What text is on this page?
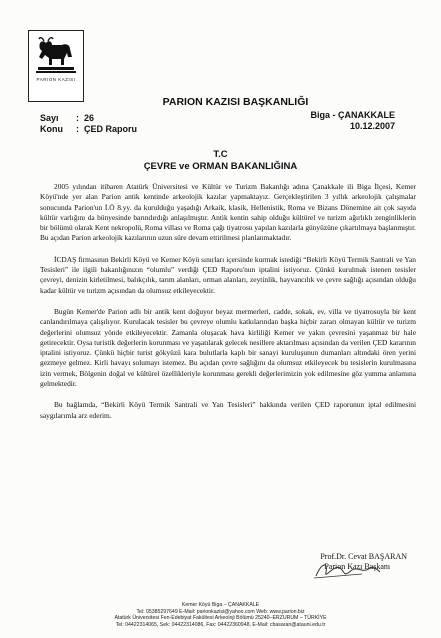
PARION KAZISI
PARION KAZISI BAŞKANLIĞI
Biga - ÇANAKKALE
10.12.2007
Sayı	: 26
Konu	: ÇED Raporu
T.C
ÇEVRE ve ORMAN BAKANLIĞINA

2005 yılından itibaren Atatürk Üniversitesi ve Kültür ve Turizm Bakanlığı adına Çanakkale ili Biga İlçesi, Kemer Köyü'nde yer alan Parion antik kentinde arkeolojik kazılar yapmaktayız. Gerçekleştirilen 3 yıllık arkeolojik çalışmalar sonucunda Parion'un İ.Ö 8.yy. da kurulduğu yaşadığı Arkaik, klasik, Hellenistik, Roma ve Bizans Dönemine ait çok sayıda kültür varlığını da bünyesinde barındırdığı anlaşılmıştır. Antik kentin sahip olduğu kültürel ve turizm ağırlıklı zenginliklerin bir bölümü olarak Kent nekropolü, Roma villası ve Roma çağı tiyatrosu yapılan kazılarla günyüzüne çıkartılmaya başlanmıştır. Bu açıdan Parion arkeolojik kazılarının uzun süre devam ettirilmesi planlanmaktadır.

İCDAŞ firmasının Bekirli Köyü ve Kemer Köyü sınırları içersinde kurmak istediği “Bekirli Köyü Termik Santrali ve Yan Tesisleri” ile ilgili bakanlığınızın “olumlu” verdiği ÇED Raporu'nun iptalini istiyoruz. Çünkü kurulmak istenen tesisler çevreyi, denizin kirletilmesi, balıkçılık, tarım alanları, orman alanları, zeytinlik, hayvancılık ve çevre sağlığı açısından olduğu kadar kültür ve turizm açısından da olumsuz etkileyecektir.

Bugün Kemer'de Parion adlı bir antik kent doğuyor beyaz mermerleri, cadde, sokak, ev, villa ve tiyatrosuyla bir kent canlandırılmaya çalışılıyor. Kurulacak tesisler bu çevreye olumlu katkılarından başka hiçbir zararı olmayan kültür ve turizm değerlerini olumsuz yönde etkileyecektir. Zamanla oluşacak hava kirliliği Kemer ve yakın çevresini yaşanmaz bir hale getirecektir. Oysa turistik değerlerin korunması ve yaşatılarak gelecek nesillere aktarılması açısından da verilen ÇED kararının iptalini istiyoruz. Çünkü hiçbir turist gökyüzü kara bulutlarla kaplı bir sanayi kuruluşunun dumanları altındaki ören yerini gezmeye gelmez. Kirli havayı solumayı istemez. Bu açıdan çevre sağlığını da olumsuz etkileyecek bu tesislerin kurulmasına izin vermek, Bölgenin doğal ve kültürel özellikleriyle korunması gerekli değerlerimizin yok edilmesine göz yumma anlamına gelmektedir.

Bu bağlamda, “Bekirli Köyü Termik Santrali ve Yan Tesisleri” hakkında verilen ÇED raporunun iptal edilmesini saygılarımla arz ederim.

Prof.Dr. Cevat BAŞARAN
Parion Kazı Başkanı
Kemer Köyü Biga – ÇANAKKALE
Tel: 05385297649 E-Mail: parionkazisi@yahoo.com Web: www.parion.biz
Atatürk Üniversitesi Fen-Edebiyat Fakültesi Arkeoloji Bölümü 25240–ERZURUM – TÜRKİYE
Tel: 04422314065, Sek: 04422314086, Fax: 04422360948, E-Mail: cbasaran@atauni.edu.tr
